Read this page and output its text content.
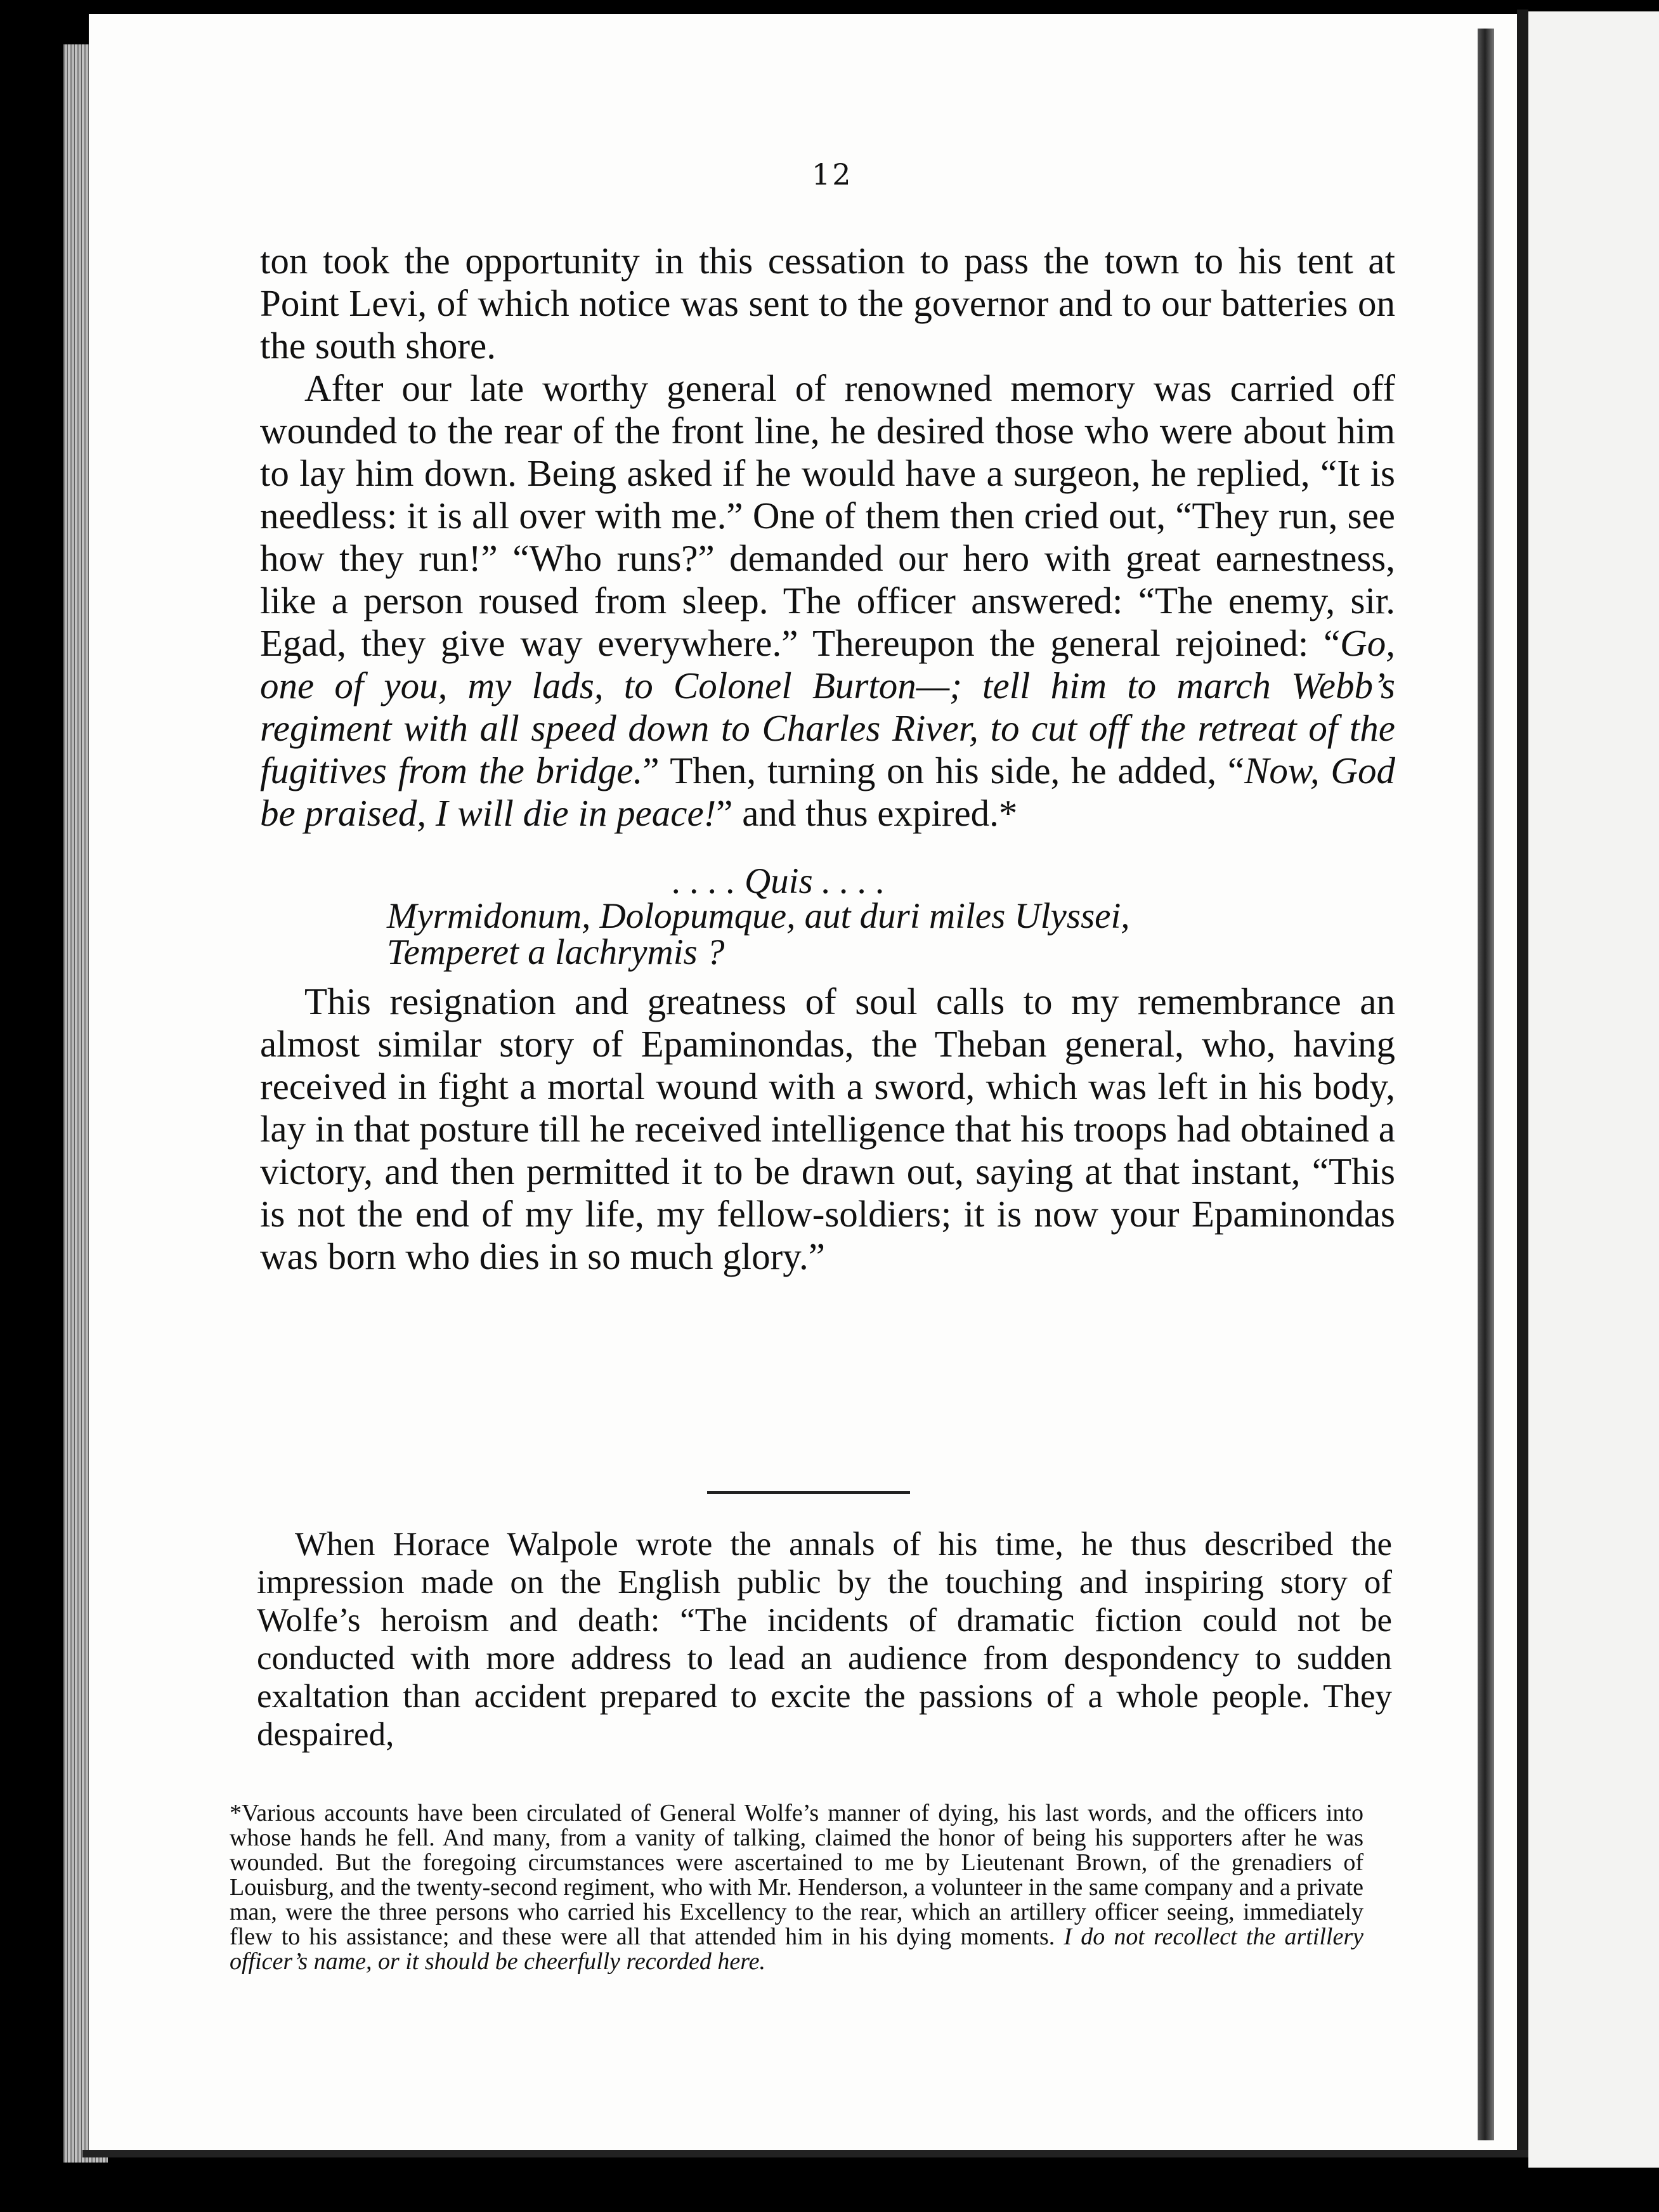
12

ton took the opportunity in this cessation to pass the town to his tent at Point Levi, of which notice was sent to the governor and to our batteries on the south shore.

After our late worthy general of renowned memory was carried off wounded to the rear of the front line, he desired those who were about him to lay him down. Being asked if he would have a surgeon, he replied, “It is needless: it is all over with me.” One of them then cried out, “They run, see how they run!” “Who runs?” demanded our hero with great earnestness, like a person roused from sleep. The officer answered: “The enemy, sir. Egad, they give way everywhere.” Thereupon the general rejoined: “Go, one of you, my lads, to Colonel Burton—; tell him to march Webb’s regiment with all speed down to Charles River, to cut off the retreat of the fugitives from the bridge.” Then, turning on his side, he added, “Now, God be praised, I will die in peace!” and thus expired.*

. . . . Quis . . . .
Myrmidonum, Dolopumque, aut duri miles Ulyssei,
Temperet a lachrymis ?

This resignation and greatness of soul calls to my remembrance an almost similar story of Epaminondas, the Theban general, who, having received in fight a mortal wound with a sword, which was left in his body, lay in that posture till he received intelligence that his troops had obtained a victory, and then permitted it to be drawn out, saying at that instant, “This is not the end of my life, my fellow-soldiers; it is now your Epaminondas was born who dies in so much glory.”

When Horace Walpole wrote the annals of his time, he thus described the impression made on the English public by the touching and inspiring story of Wolfe’s heroism and death: “The incidents of dramatic fiction could not be conducted with more address to lead an audience from despondency to sudden exaltation than accident prepared to excite the passions of a whole people. They despaired,

*Various accounts have been circulated of General Wolfe’s manner of dying, his last words, and the officers into whose hands he fell. And many, from a vanity of talking, claimed the honor of being his supporters after he was wounded. But the foregoing circumstances were ascertained to me by Lieutenant Brown, of the grenadiers of Louisburg, and the twenty-second regiment, who with Mr. Henderson, a volunteer in the same company and a private man, were the three persons who carried his Excellency to the rear, which an artillery officer seeing, immediately flew to his assistance; and these were all that attended him in his dying moments. I do not recollect the artillery officer’s name, or it should be cheerfully recorded here.
